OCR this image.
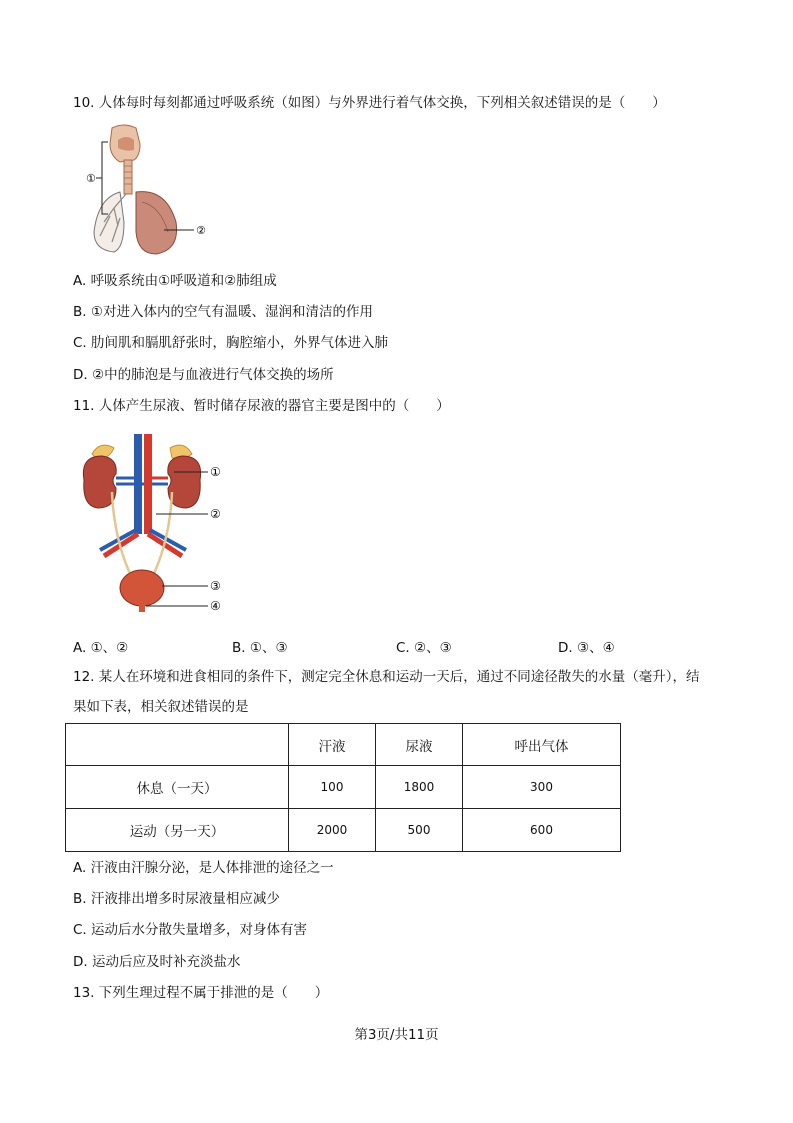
10. 人体每时每刻都通过呼吸系统（如图）与外界进行着气体交换，下列相关叙述错误的是（　　）
①
②
A. 呼吸系统由①呼吸道和②肺组成
B. ①对进入体内的空气有温暖、湿润和清洁的作用
C. 肋间肌和膈肌舒张时，胸腔缩小，外界气体进入肺
D. ②中的肺泡是与血液进行气体交换的场所
11. 人体产生尿液、暂时储存尿液的器官主要是图中的（　　）
①
②
③
④
A. ①、②	B. ①、③	C. ②、③	D. ③、④
12. 某人在环境和进食相同的条件下，测定完全休息和运动一天后，通过不同途径散失的水量（毫升），结
果如下表，相关叙述错误的是
	汗液	尿液	呼出气体
休息（一天）	100	1800	300
运动（另一天）	2000	500	600
A. 汗液由汗腺分泌，是人体排泄的途径之一
B. 汗液排出增多时尿液量相应减少
C. 运动后水分散失量增多，对身体有害
D. 运动后应及时补充淡盐水
13. 下列生理过程不属于排泄的是（　　）
第3页/共11页
